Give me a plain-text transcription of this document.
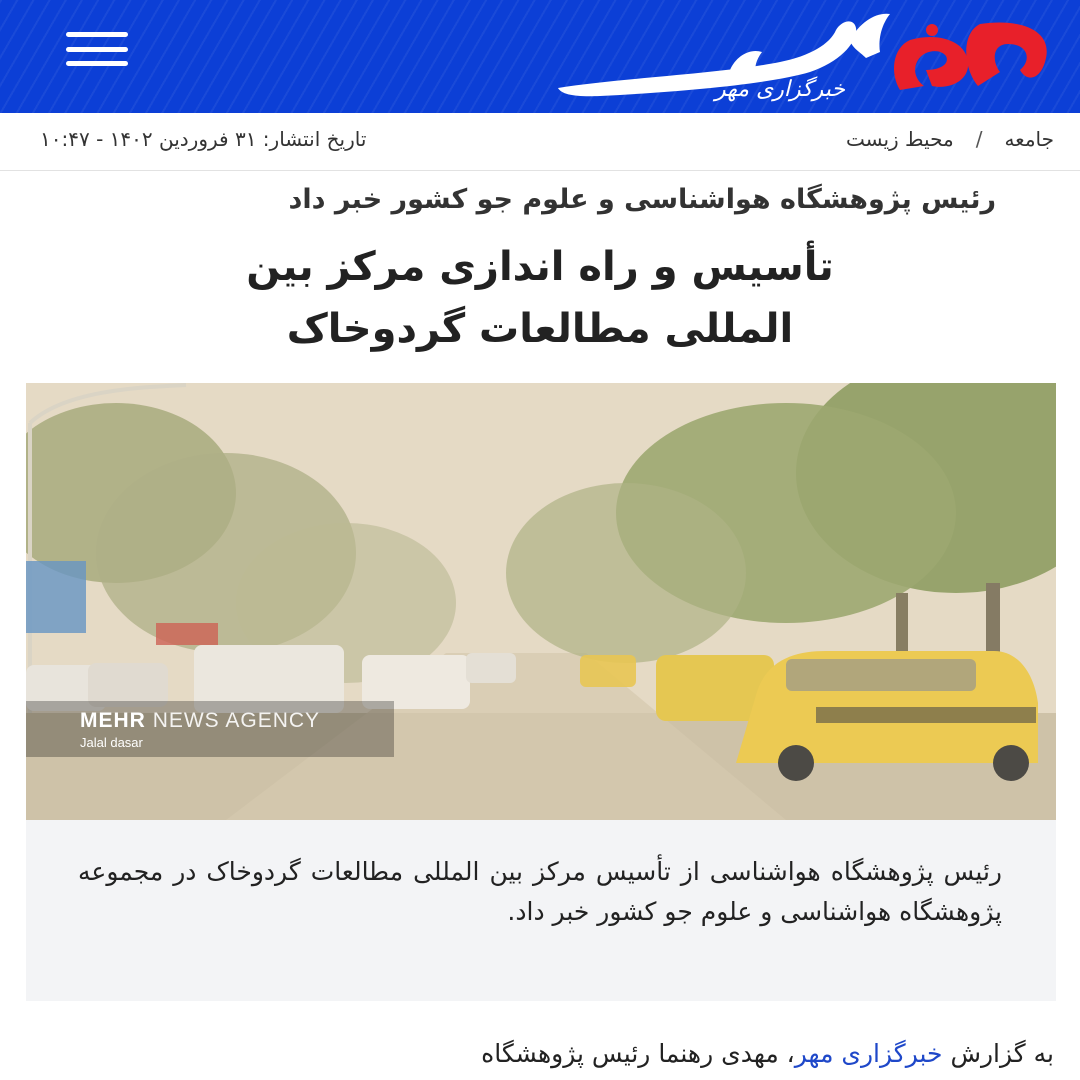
خبرگزاری مهر
جامعه
/
محیط زیست
تاریخ انتشار: ۳۱ فروردین ۱۴۰۲ - ۱۰:۴۷
رئیس پژوهشگاه هواشناسی و علوم جو کشور خبر داد
تأسیس و راه اندازی مرکز بین
المللی مطالعات گردوخاک
MEHR NEWS AGENCY
Jalal dasar

رئیس پژوهشگاه هواشناسی از تأسیس مرکز بین المللی مطالعات گردوخاک در مجموعه پژوهشگاه هواشناسی و علوم جو کشور خبر داد.

به گزارش خبرگزاری مهر، مهدی رهنما رئیس پژوهشگاه
